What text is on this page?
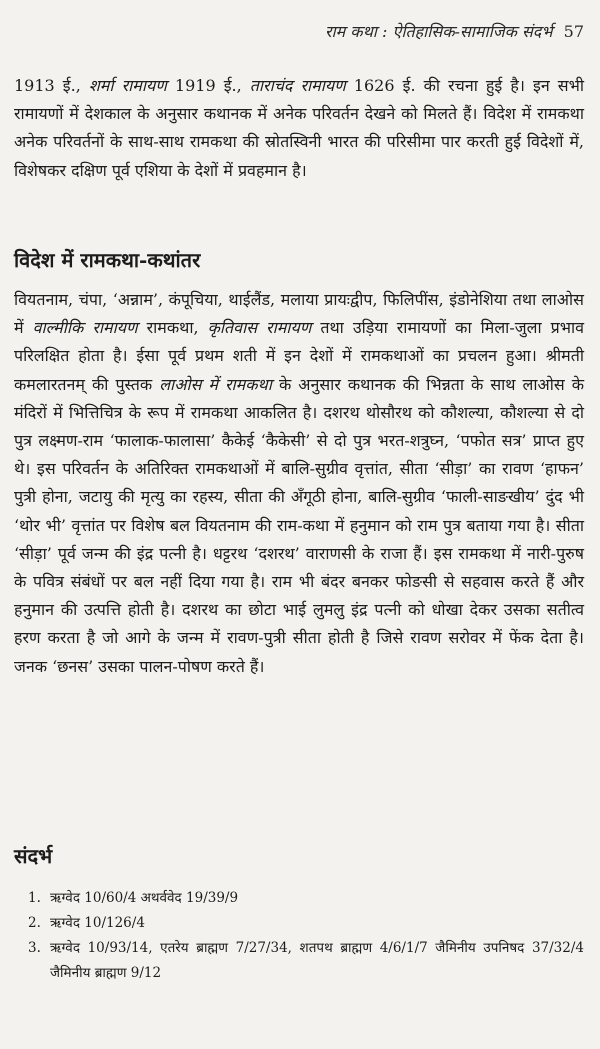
राम कथा : ऐतिहासिक-सामाजिक संदर्भ 57

1913 ई., शर्मा रामायण 1919 ई., ताराचंद रामायण 1626 ई. की रचना हुई है। इन सभी रामायणों में देशकाल के अनुसार कथानक में अनेक परिवर्तन देखने को मिलते हैं। विदेश में रामकथा अनेक परिवर्तनों के साथ-साथ रामकथा की स्रोतस्विनी भारत की परिसीमा पार करती हुई विदेशों में, विशेषकर दक्षिण पूर्व एशिया के देशों में प्रवहमान है।

विदेश में रामकथा-कथांतर

वियतनाम, चंपा, ‘अन्नाम’, कंपूचिया, थाईलैंड, मलाया प्रायःद्वीप, फिलिपींस, इंडोनेशिया तथा लाओस में वाल्मीकि रामायण रामकथा, कृतिवास रामायण तथा उड़िया रामायणों का मिला-जुला प्रभाव परिलक्षित होता है। ईसा पूर्व प्रथम शती में इन देशों में रामकथाओं का प्रचलन हुआ। श्रीमती कमलारतनम् की पुस्तक लाओस में रामकथा के अनुसार कथानक की भिन्नता के साथ लाओस के मंदिरों में भित्तिचित्र के रूप में रामकथा आकलित है। दशरथ थोसौरथ को कौशल्या, कौशल्या से दो पुत्र लक्ष्मण-राम ‘फालाक-फालासा’ कैकेई ‘कैकेसी’ से दो पुत्र भरत-शत्रुघ्न, ‘पफोत सत्र’ प्राप्त हुए थे। इस परिवर्तन के अतिरिक्त रामकथाओं में बालि-सुग्रीव वृत्तांत, सीता ‘सीड़ा’ का रावण ‘हाफन’ पुत्री होना, जटायु की मृत्यु का रहस्य, सीता की अँगूठी होना, बालि-सुग्रीव ‘फाली-साङखीय’ दुंद भी ‘थोर भी’ वृत्तांत पर विशेष बल वियतनाम की राम-कथा में हनुमान को राम पुत्र बताया गया है। सीता ‘सीड़ा’ पूर्व जन्म की इंद्र पत्नी है। धट्टरथ ‘दशरथ’ वाराणसी के राजा हैं। इस रामकथा में नारी-पुरुष के पवित्र संबंधों पर बल नहीं दिया गया है। राम भी बंदर बनकर फोङसी से सहवास करते हैं और हनुमान की उत्पत्ति होती है। दशरथ का छोटा भाई लुमलु इंद्र पत्नी को धोखा देकर उसका सतीत्व हरण करता है जो आगे के जन्म में रावण-पुत्री सीता होती है जिसे रावण सरोवर में फेंक देता है। जनक ‘छनस’ उसका पालन-पोषण करते हैं।

संदर्भ
1. ऋग्वेद 10/60/4 अथर्ववेद 19/39/9
2. ऋग्वेद 10/126/4
3. ऋग्वेद 10/93/14, एतरेय ब्राह्मण 7/27/34, शतपथ ब्राह्मण 4/6/1/7 जैमिनीय उपनिषद 37/32/4 जैमिनीय ब्राह्मण 9/12
